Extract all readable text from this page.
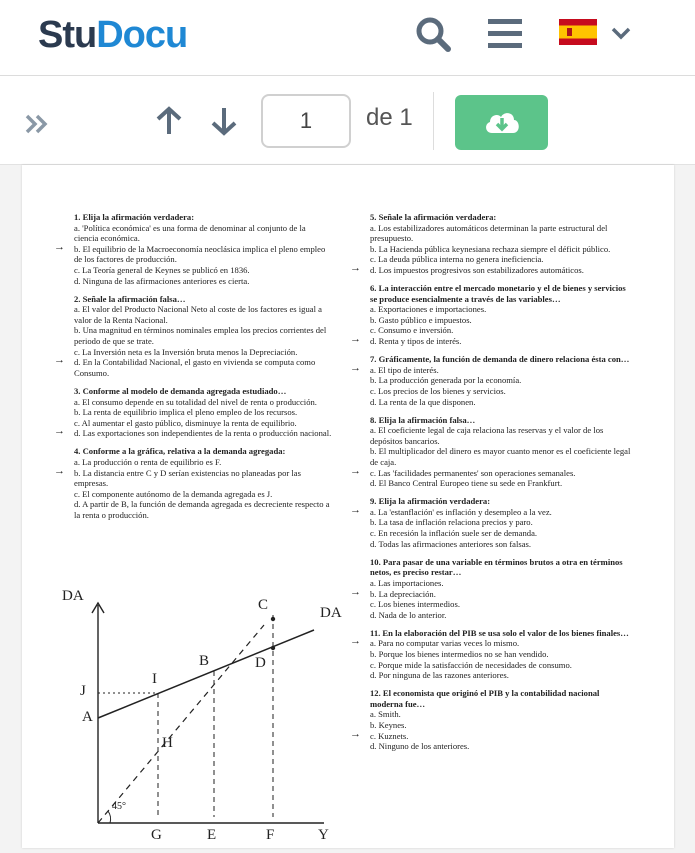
StuDocu
1	de 1
1. Elija la afirmación verdadera:
a. 'Política económica' es una forma de denominar al conjunto de la ciencia económica.
→ b. El equilibrio de la Macroeconomía neoclásica implica el pleno empleo de los factores de producción.
c. La Teoría general de Keynes se publicó en 1836.
d. Ninguna de las afirmaciones anteriores es cierta.
2. Señale la afirmación falsa…
a. El valor del Producto Nacional Neto al coste de los factores es igual a valor de la Renta Nacional.
b. Una magnitud en términos nominales emplea los precios corrientes del periodo de que se trate.
c. La Inversión neta es la Inversión bruta menos la Depreciación.
→ d. En la Contabilidad Nacional, el gasto en vivienda se computa como Consumo.
3. Conforme al modelo de demanda agregada estudiado…
a. El consumo depende en su totalidad del nivel de renta o producción.
b. La renta de equilibrio implica el pleno empleo de los recursos.
c. Al aumentar el gasto público, disminuye la renta de equilibrio.
→ d. Las exportaciones son independientes de la renta o producción nacional.
4. Conforme a la gráfica, relativa a la demanda agregada:
a. La producción o renta de equilibrio es F.
→ b. La distancia entre C y D serían existencias no planeadas por las empresas.
c. El componente autónomo de la demanda agregada es J.
d. A partir de B, la función de demanda agregada es decreciente respecto a la renta o producción.
5. Señale la afirmación verdadera:
a. Los estabilizadores automáticos determinan la parte estructural del presupuesto.
b. La Hacienda pública keynesiana rechaza siempre el déficit público.
c. La deuda pública interna no genera ineficiencia.
→ d. Los impuestos progresivos son estabilizadores automáticos.
6. La interacción entre el mercado monetario y el de bienes y servicios se produce esencialmente a través de las variables…
a. Exportaciones e importaciones.
b. Gasto público e impuestos.
c. Consumo e inversión.
→ d. Renta y tipos de interés.
7. Gráficamente, la función de demanda de dinero relaciona ésta con…
→ a. El tipo de interés.
b. La producción generada por la economía.
c. Los precios de los bienes y servicios.
d. La renta de la que disponen.
8. Elija la afirmación falsa…
a. El coeficiente legal de caja relaciona las reservas y el valor de los depósitos bancarios.
b. El multiplicador del dinero es mayor cuanto menor es el coeficiente legal de caja.
→ c. Las 'facilidades permanentes' son operaciones semanales.
d. El Banco Central Europeo tiene su sede en Frankfurt.
9. Elija la afirmación verdadera:
→ a. La 'estanflación' es inflación y desempleo a la vez.
b. La tasa de inflación relaciona precios y paro.
c. En recesión la inflación suele ser de demanda.
d. Todas las afirmaciones anteriores son falsas.
10. Para pasar de una variable en términos brutos a otra en términos netos, es preciso restar…
a. Las importaciones.
→ b. La depreciación.
c. Los bienes intermedios.
d. Nada de lo anterior.
11. En la elaboración del PIB se usa solo el valor de los bienes finales…
→ a. Para no computar varias veces lo mismo.
b. Porque los bienes intermedios no se han vendido.
c. Porque mide la satisfacción de necesidades de consumo.
d. Por ninguna de las razones anteriores.
12. El economista que originó el PIB y la contabilidad nacional moderna fue…
a. Smith.
b. Keynes.
→ c. Kuznets.
d. Ninguno de los anteriores.
DA
DA
C
B	D
J
I
A
H
45°
G	E	F	Y
